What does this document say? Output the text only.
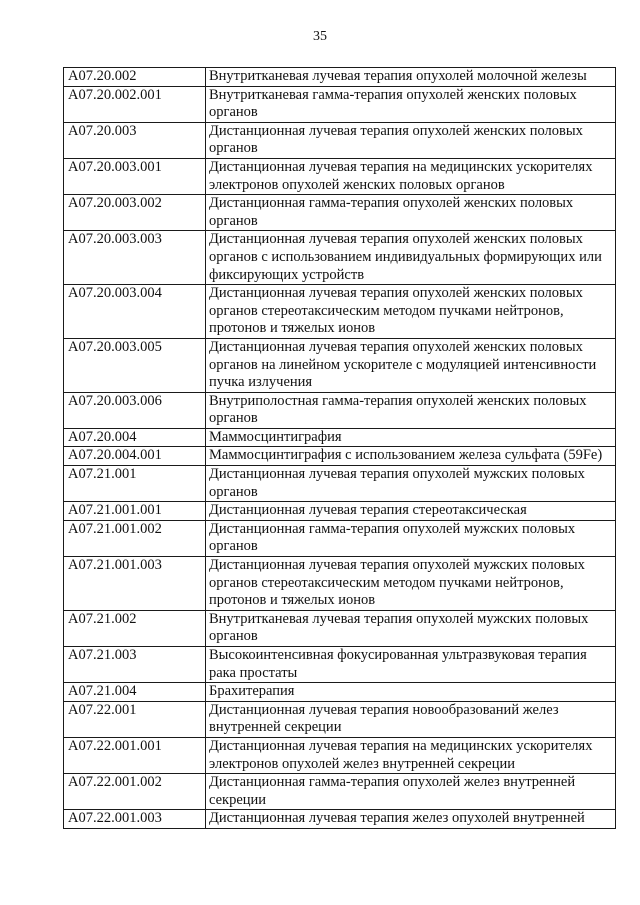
35
A07.20.002	Внутритканевая лучевая терапия опухолей молочной железы
A07.20.002.001	Внутритканевая гамма-терапия опухолей женских половых органов
A07.20.003	Дистанционная лучевая терапия опухолей женских половых органов
A07.20.003.001	Дистанционная лучевая терапия на медицинских ускорителях электронов опухолей женских половых органов
A07.20.003.002	Дистанционная гамма-терапия опухолей женских половых органов
A07.20.003.003	Дистанционная лучевая терапия опухолей женских половых органов с использованием индивидуальных формирующих или фиксирующих устройств
A07.20.003.004	Дистанционная лучевая терапия опухолей женских половых органов стереотаксическим методом пучками нейтронов, протонов и тяжелых ионов
A07.20.003.005	Дистанционная лучевая терапия опухолей женских половых органов на линейном ускорителе с модуляцией интенсивности пучка излучения
A07.20.003.006	Внутриполостная гамма-терапия опухолей женских половых органов
A07.20.004	Маммосцинтиграфия
A07.20.004.001	Маммосцинтиграфия с использованием железа сульфата (59Fe)
A07.21.001	Дистанционная лучевая терапия опухолей мужских половых органов
A07.21.001.001	Дистанционная лучевая терапия стереотаксическая
A07.21.001.002	Дистанционная гамма-терапия опухолей мужских половых органов
A07.21.001.003	Дистанционная лучевая терапия опухолей мужских половых органов стереотаксическим методом пучками нейтронов, протонов и тяжелых ионов
A07.21.002	Внутритканевая лучевая терапия опухолей мужских половых органов
A07.21.003	Высокоинтенсивная фокусированная ультразвуковая терапия рака простаты
A07.21.004	Брахитерапия
A07.22.001	Дистанционная лучевая терапия новообразований желез внутренней секреции
A07.22.001.001	Дистанционная лучевая терапия на медицинских ускорителях электронов опухолей желез внутренней секреции
A07.22.001.002	Дистанционная гамма-терапия опухолей желез внутренней секреции
A07.22.001.003	Дистанционная лучевая терапия желез опухолей внутренней
